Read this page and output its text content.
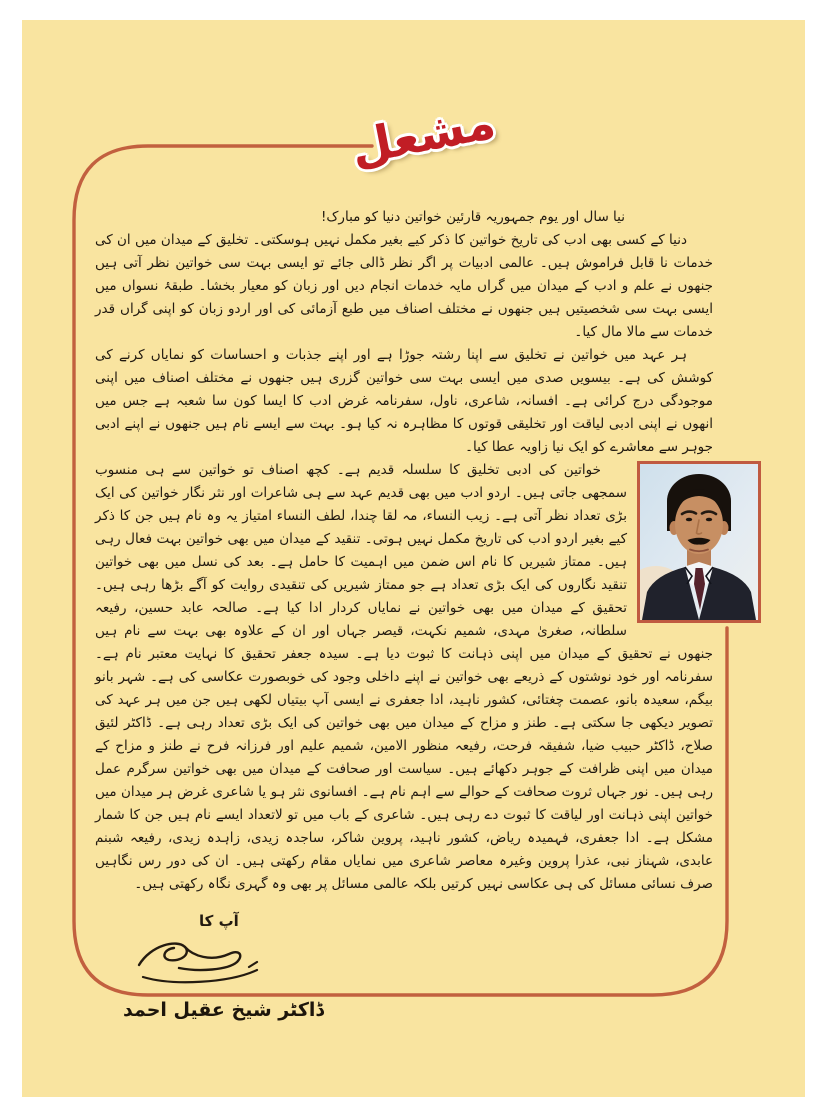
مشعل

نیا سال اور یوم جمہوریہ قارئین خواتین دنیا کو مبارک!

دنیا کے کسی بھی ادب کی تاریخ خواتین کا ذکر کیے بغیر مکمل نہیں ہوسکتی۔ تخلیق کے میدان میں ان کی خدمات نا قابل فراموش ہیں۔ عالمی ادبیات پر اگر نظر ڈالی جائے تو ایسی بہت سی خواتین نظر آتی ہیں جنھوں نے علم و ادب کے میدان میں گراں مایہ خدمات انجام دیں اور زبان کو معیار بخشا۔ طبقۂ نسواں میں ایسی بہت سی شخصیتیں ہیں جنھوں نے مختلف اصناف میں طبع آزمائی کی اور اردو زبان کو اپنی گراں قدر خدمات سے مالا مال کیا۔

ہر عہد میں خواتین نے تخلیق سے اپنا رشتہ جوڑا ہے اور اپنے جذبات و احساسات کو نمایاں کرنے کی کوشش کی ہے۔ بیسویں صدی میں ایسی بہت سی خواتین گزری ہیں جنھوں نے مختلف اصناف میں اپنی موجودگی درج کرائی ہے۔ افسانہ، شاعری، ناول، سفرنامہ غرض ادب کا ایسا کون سا شعبہ ہے جس میں انھوں نے اپنی ادبی لیاقت اور تخلیقی قوتوں کا مظاہرہ نہ کیا ہو۔ بہت سے ایسے نام ہیں جنھوں نے اپنے ادبی جوہر سے معاشرے کو ایک نیا زاویہ عطا کیا۔

خواتین کی ادبی تخلیق کا سلسلہ قدیم ہے۔ کچھ اصناف تو خواتین سے ہی منسوب سمجھی جاتی ہیں۔ اردو ادب میں بھی قدیم عہد سے ہی شاعرات اور نثر نگار خواتین کی ایک بڑی تعداد نظر آتی ہے۔ زیب النساء، مہ لقا چندا، لطف النساء امتیاز یہ وہ نام ہیں جن کا ذکر کیے بغیر اردو ادب کی تاریخ مکمل نہیں ہوتی۔ تنقید کے میدان میں بھی خواتین بہت فعال رہی ہیں۔ ممتاز شیریں کا نام اس ضمن میں اہمیت کا حامل ہے۔ بعد کی نسل میں بھی خواتین تنقید نگاروں کی ایک بڑی تعداد ہے جو ممتاز شیریں کی تنقیدی روایت کو آگے بڑھا رہی ہیں۔ تحقیق کے میدان میں بھی خواتین نے نمایاں کردار ادا کیا ہے۔ صالحہ عابد حسین، رفیعہ سلطانہ، صغریٰ مہدی، شمیم نکہت، قیصر جہاں اور ان کے علاوہ بھی بہت سے نام ہیں جنھوں نے تحقیق کے میدان میں اپنی ذہانت کا ثبوت دیا ہے۔ سیدہ جعفر تحقیق کا نہایت معتبر نام ہے۔ سفرنامہ اور خود نوشتوں کے ذریعے بھی خواتین نے اپنے داخلی وجود کی خوبصورت عکاسی کی ہے۔ شہر بانو بیگم، سعیدہ بانو، عصمت چغتائی، کشور ناہید، ادا جعفری نے ایسی آپ بیتیاں لکھی ہیں جن میں ہر عہد کی تصویر دیکھی جا سکتی ہے۔ طنز و مزاح کے میدان میں بھی خواتین کی ایک بڑی تعداد رہی ہے۔ ڈاکٹر لئیق صلاح، ڈاکٹر حبیب ضیا، شفیقہ فرحت، رفیعہ منظور الامین، شمیم علیم اور فرزانہ فرح نے طنز و مزاح کے میدان میں اپنی ظرافت کے جوہر دکھائے ہیں۔ سیاست اور صحافت کے میدان میں بھی خواتین سرگرم عمل رہی ہیں۔ نور جہاں ثروت صحافت کے حوالے سے اہم نام ہے۔ افسانوی نثر ہو یا شاعری غرض ہر میدان میں خواتین اپنی ذہانت اور لیاقت کا ثبوت دے رہی ہیں۔ شاعری کے باب میں تو لاتعداد ایسے نام ہیں جن کا شمار مشکل ہے۔ ادا جعفری، فہمیدہ ریاض، کشور ناہید، پروین شاکر، ساجدہ زیدی، زاہدہ زیدی، رفیعہ شبنم عابدی، شہناز نبی، عذرا پروین وغیرہ معاصر شاعری میں نمایاں مقام رکھتی ہیں۔ ان کی دور رس نگاہیں صرف نسائی مسائل کی ہی عکاسی نہیں کرتیں بلکہ عالمی مسائل پر بھی وہ گہری نگاہ رکھتی ہیں۔

آپ کا
ڈاکٹر شیخ عقیل احمد
